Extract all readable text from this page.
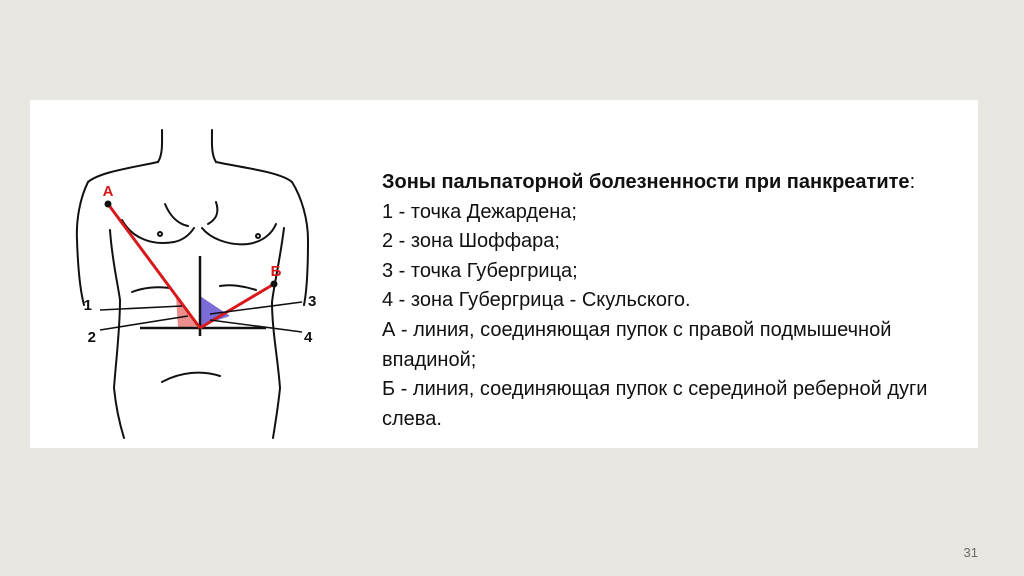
А
Б
1
2
3
4
Зоны пальпаторной болезненности при панкреатите:
1 - точка Дежардена;
2 - зона Шоффара;
3 - точка Губергрица;
4 - зона Губергрица - Скульского.
А - линия, соединяющая пупок с правой подмышечной
впадиной;
Б - линия, соединяющая пупок с серединой реберной дуги
слева.
31
